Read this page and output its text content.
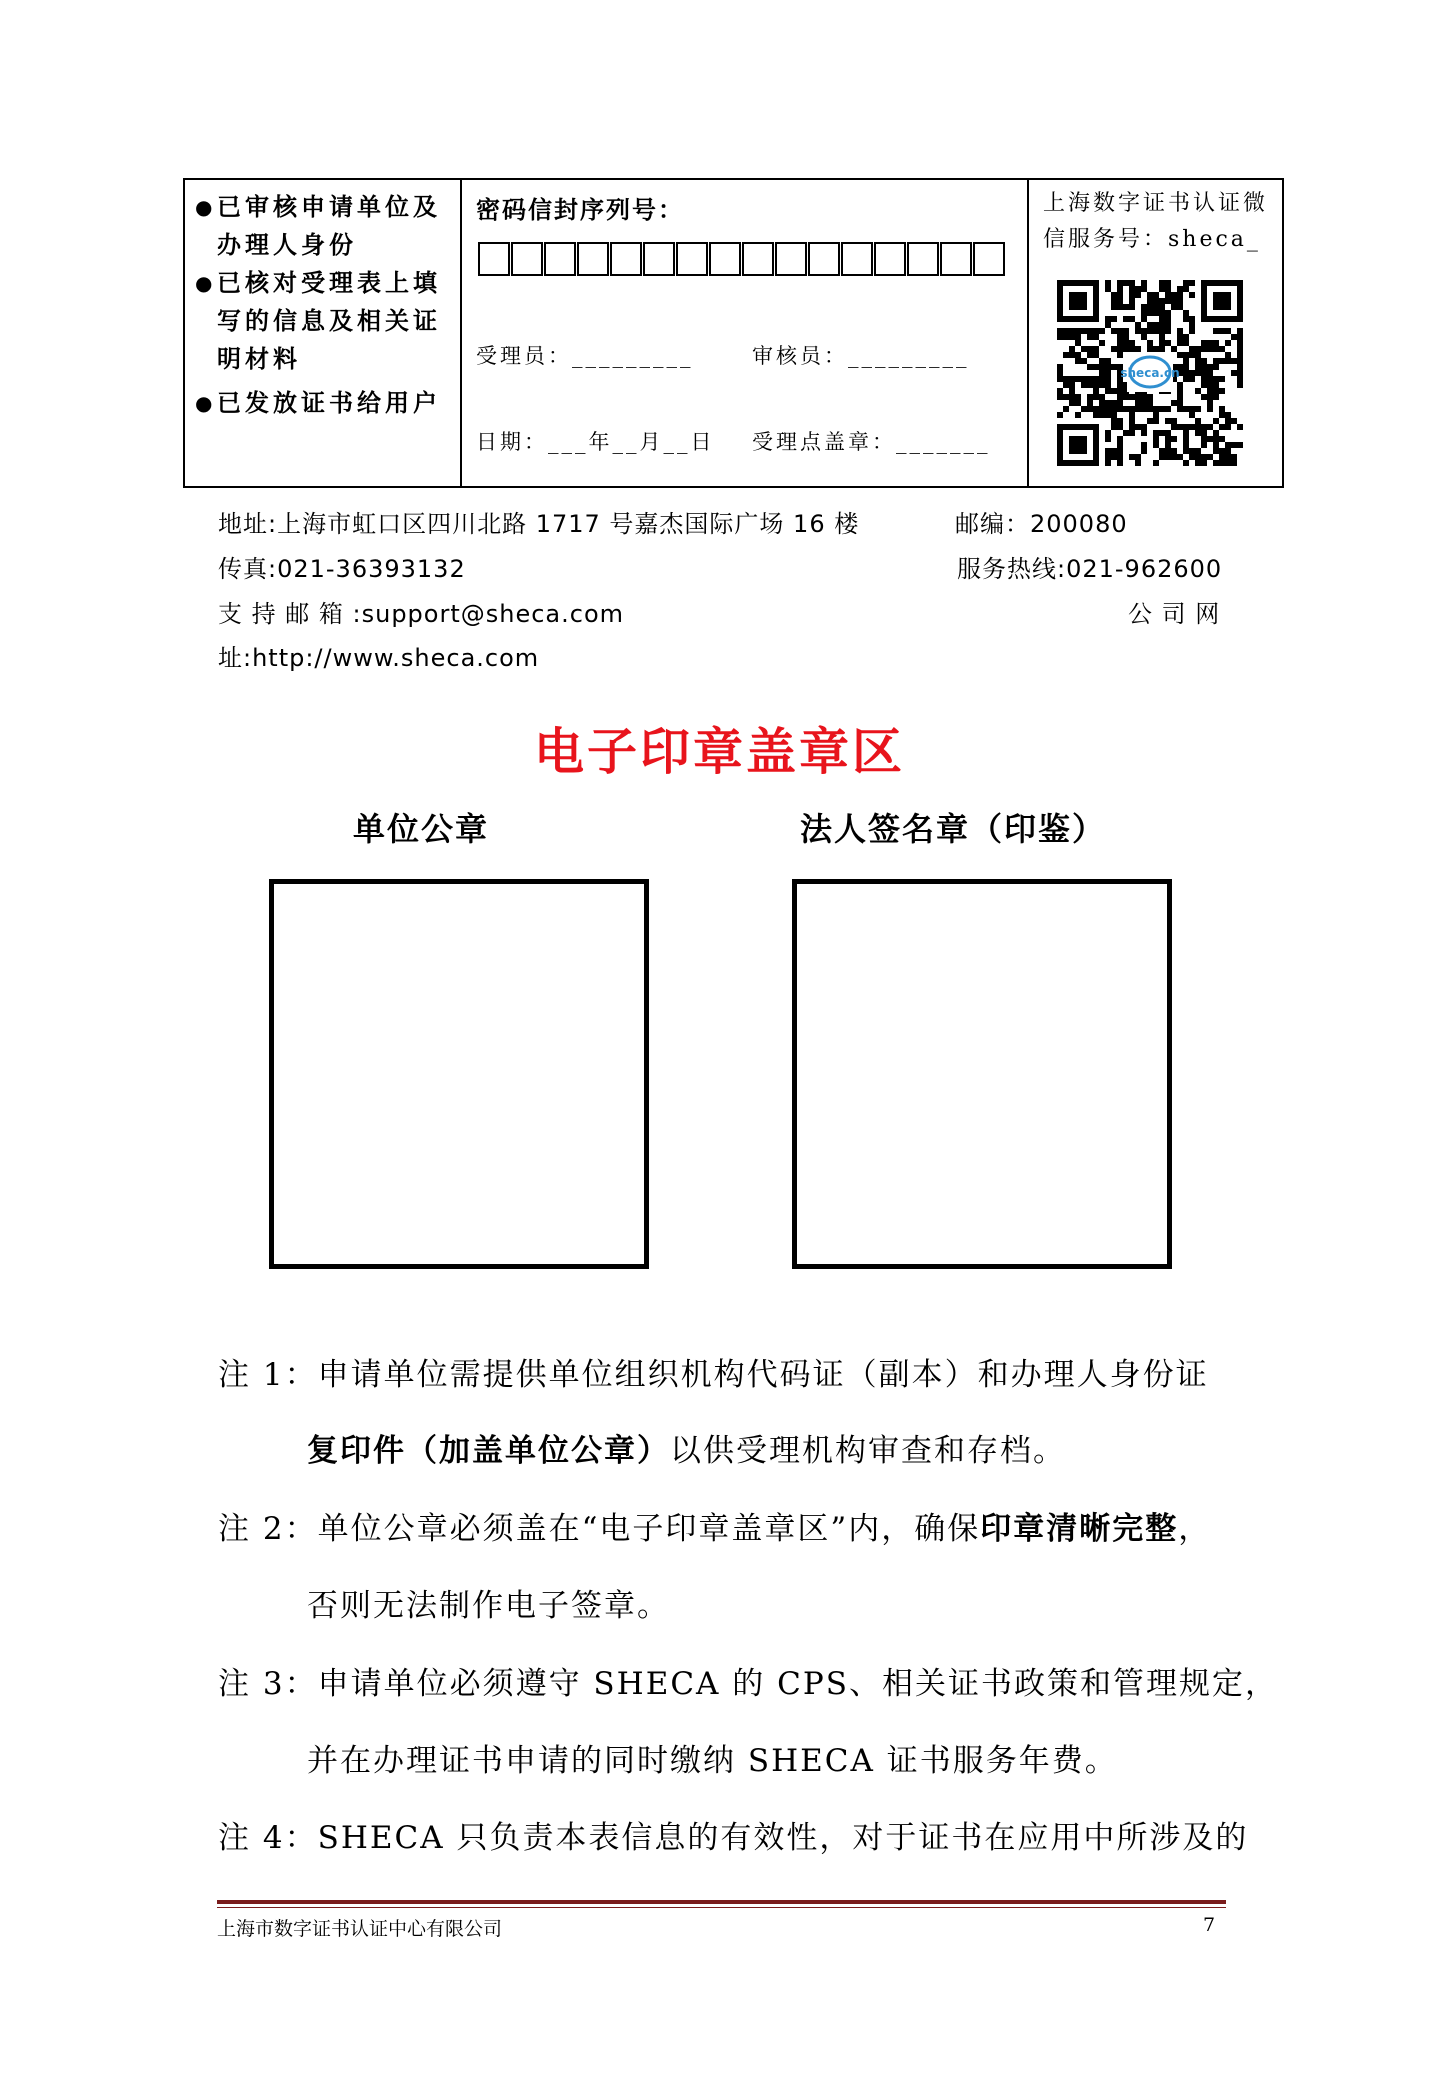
● 已审核申请单位及办理人身份
● 已核对受理表上填写的信息及相关证明材料
● 已发放证书给用户
密码信封序列号：
受理员：_________	审核员：_________
日期：___年__月__日 受理点盖章：_______
上海数字证书认证微信服务号：sheca_
sheca.cn
地址:上海市虹口区四川北路 1717 号嘉杰国际广场 16 楼	邮编：200080
传真:021-36393132	服务热线:021-962600
支 持 邮 箱 :support@sheca.com	公 司 网
址:http://www.sheca.com
电子印章盖章区
单位公章	法人签名章（印鉴）
注 1：申请单位需提供单位组织机构代码证（副本）和办理人身份证
复印件（加盖单位公章）以供受理机构审查和存档。
注 2：单位公章必须盖在“电子印章盖章区”内，确保印章清晰完整，
否则无法制作电子签章。
注 3：申请单位必须遵守 SHECA 的 CPS、相关证书政策和管理规定，
并在办理证书申请的同时缴纳 SHECA 证书服务年费。
注 4：SHECA 只负责本表信息的有效性，对于证书在应用中所涉及的
上海市数字证书认证中心有限公司	7
